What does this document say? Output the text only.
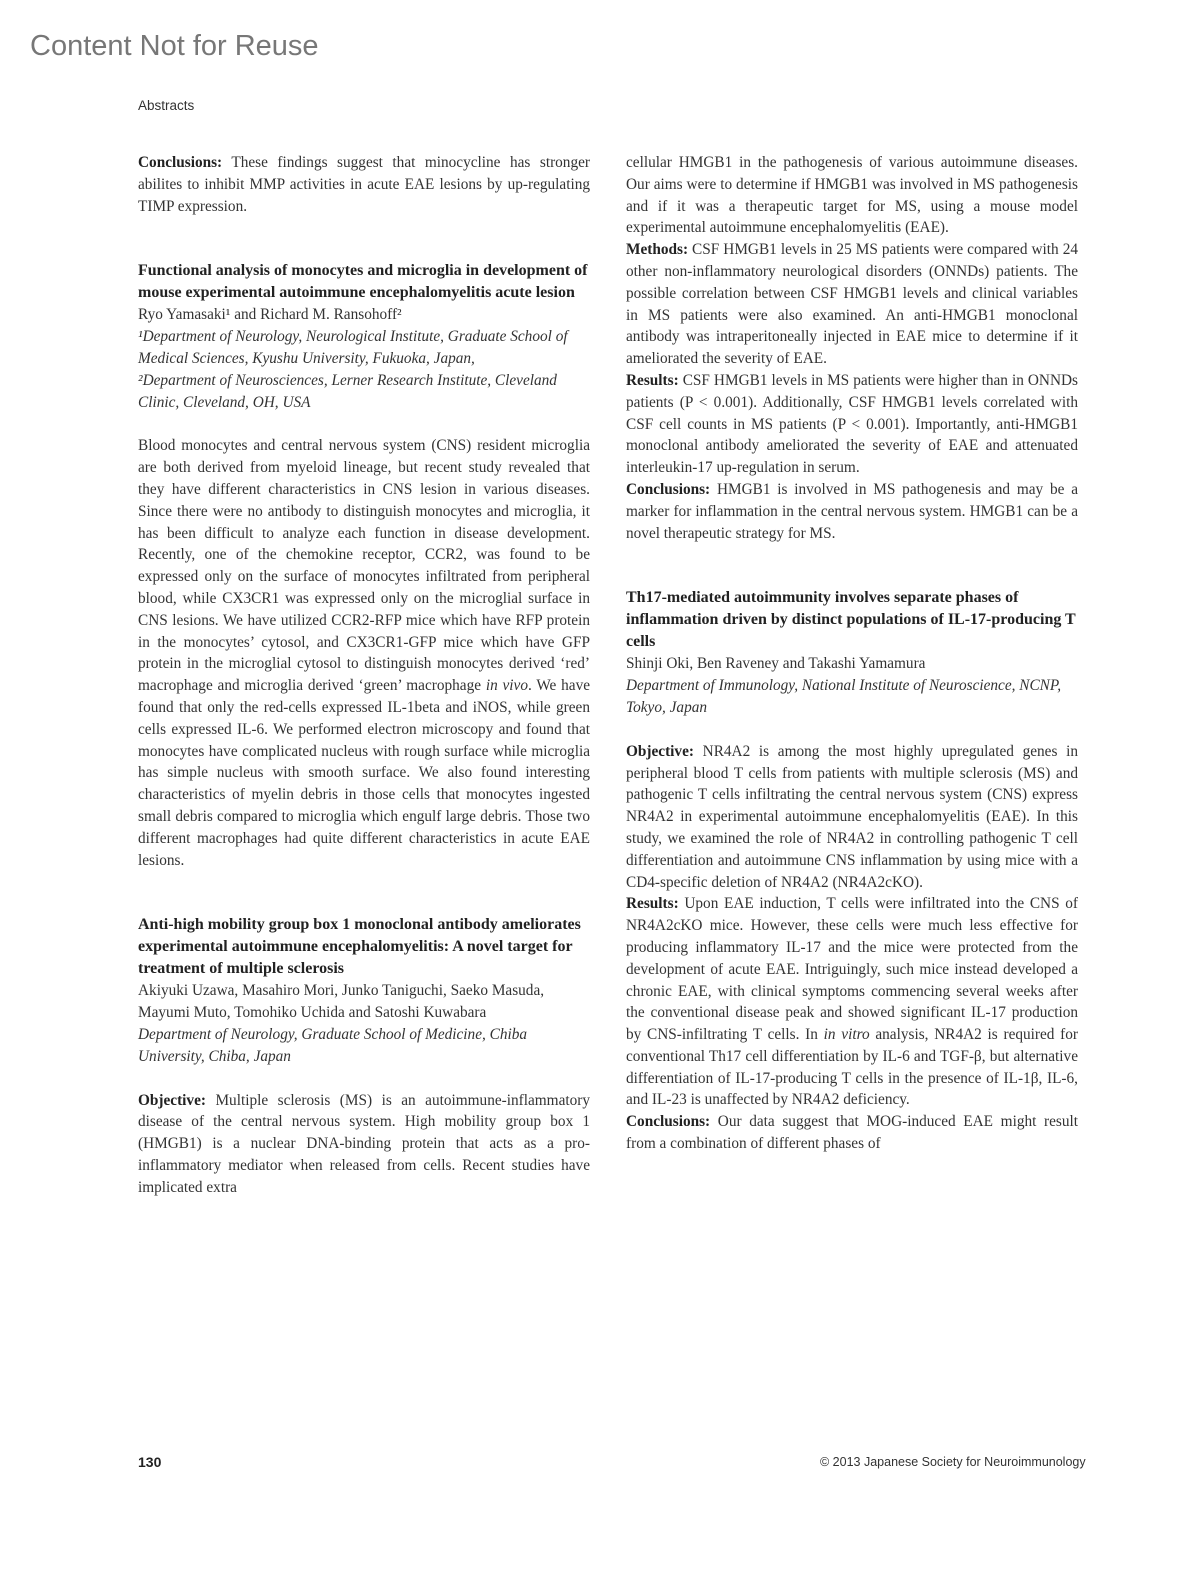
Content Not for Reuse
Abstracts

Conclusions: These findings suggest that minocycline has stronger abilites to inhibit MMP activities in acute EAE lesions by up-regulating TIMP expression.

Functional analysis of monocytes and microglia in development of mouse experimental autoimmune encephalomyelitis acute lesion

Ryo Yamasaki¹ and Richard M. Ransohoff²

¹Department of Neurology, Neurological Institute, Graduate School of Medical Sciences, Kyushu University, Fukuoka, Japan,

²Department of Neurosciences, Lerner Research Institute, Cleveland Clinic, Cleveland, OH, USA

Blood monocytes and central nervous system (CNS) resident microglia are both derived from myeloid lineage, but recent study revealed that they have different characteristics in CNS lesion in various diseases. Since there were no antibody to distinguish monocytes and microglia, it has been difficult to analyze each function in disease development. Recently, one of the chemokine receptor, CCR2, was found to be expressed only on the surface of monocytes infiltrated from peripheral blood, while CX3CR1 was expressed only on the microglial surface in CNS lesions. We have utilized CCR2-RFP mice which have RFP protein in the monocytes’ cytosol, and CX3CR1-GFP mice which have GFP protein in the microglial cytosol to distinguish monocytes derived ‘red’ macrophage and microglia derived ‘green’ macrophage in vivo. We have found that only the red-cells expressed IL-1beta and iNOS, while green cells expressed IL-6. We performed electron microscopy and found that monocytes have complicated nucleus with rough surface while microglia has simple nucleus with smooth surface. We also found interesting characteristics of myelin debris in those cells that monocytes ingested small debris compared to microglia which engulf large debris. Those two different macrophages had quite different characteristics in acute EAE lesions.

Anti-high mobility group box 1 monoclonal antibody ameliorates experimental autoimmune encephalomyelitis: A novel target for treatment of multiple sclerosis

Akiyuki Uzawa, Masahiro Mori, Junko Taniguchi, Saeko Masuda, Mayumi Muto, Tomohiko Uchida and Satoshi Kuwabara

Department of Neurology, Graduate School of Medicine, Chiba University, Chiba, Japan

Objective: Multiple sclerosis (MS) is an autoimmune-inflammatory disease of the central nervous system. High mobility group box 1 (HMGB1) is a nuclear DNA-binding protein that acts as a pro-inflammatory mediator when released from cells. Recent studies have implicated extra

cellular HMGB1 in the pathogenesis of various autoimmune diseases. Our aims were to determine if HMGB1 was involved in MS pathogenesis and if it was a therapeutic target for MS, using a mouse model experimental autoimmune encephalomyelitis (EAE).

Methods: CSF HMGB1 levels in 25 MS patients were compared with 24 other non-inflammatory neurological disorders (ONNDs) patients. The possible correlation between CSF HMGB1 levels and clinical variables in MS patients were also examined. An anti-HMGB1 monoclonal antibody was intraperitoneally injected in EAE mice to determine if it ameliorated the severity of EAE.

Results: CSF HMGB1 levels in MS patients were higher than in ONNDs patients (P < 0.001). Additionally, CSF HMGB1 levels correlated with CSF cell counts in MS patients (P < 0.001). Importantly, anti-HMGB1 monoclonal antibody ameliorated the severity of EAE and attenuated interleukin-17 up-regulation in serum.

Conclusions: HMGB1 is involved in MS pathogenesis and may be a marker for inflammation in the central nervous system. HMGB1 can be a novel therapeutic strategy for MS.

Th17-mediated autoimmunity involves separate phases of inflammation driven by distinct populations of IL-17-producing T cells

Shinji Oki, Ben Raveney and Takashi Yamamura

Department of Immunology, National Institute of Neuroscience, NCNP, Tokyo, Japan

Objective: NR4A2 is among the most highly upregulated genes in peripheral blood T cells from patients with multiple sclerosis (MS) and pathogenic T cells infiltrating the central nervous system (CNS) express NR4A2 in experimental autoimmune encephalomyelitis (EAE). In this study, we examined the role of NR4A2 in controlling pathogenic T cell differentiation and autoimmune CNS inflammation by using mice with a CD4-specific deletion of NR4A2 (NR4A2cKO).

Results: Upon EAE induction, T cells were infiltrated into the CNS of NR4A2cKO mice. However, these cells were much less effective for producing inflammatory IL-17 and the mice were protected from the development of acute EAE. Intriguingly, such mice instead developed a chronic EAE, with clinical symptoms commencing several weeks after the conventional disease peak and showed significant IL-17 production by CNS-infiltrating T cells. In in vitro analysis, NR4A2 is required for conventional Th17 cell differentiation by IL-6 and TGF-β, but alternative differentiation of IL-17-producing T cells in the presence of IL-1β, IL-6, and IL-23 is unaffected by NR4A2 deficiency.

Conclusions: Our data suggest that MOG-induced EAE might result from a combination of different phases of

130	© 2013 Japanese Society for Neuroimmunology
